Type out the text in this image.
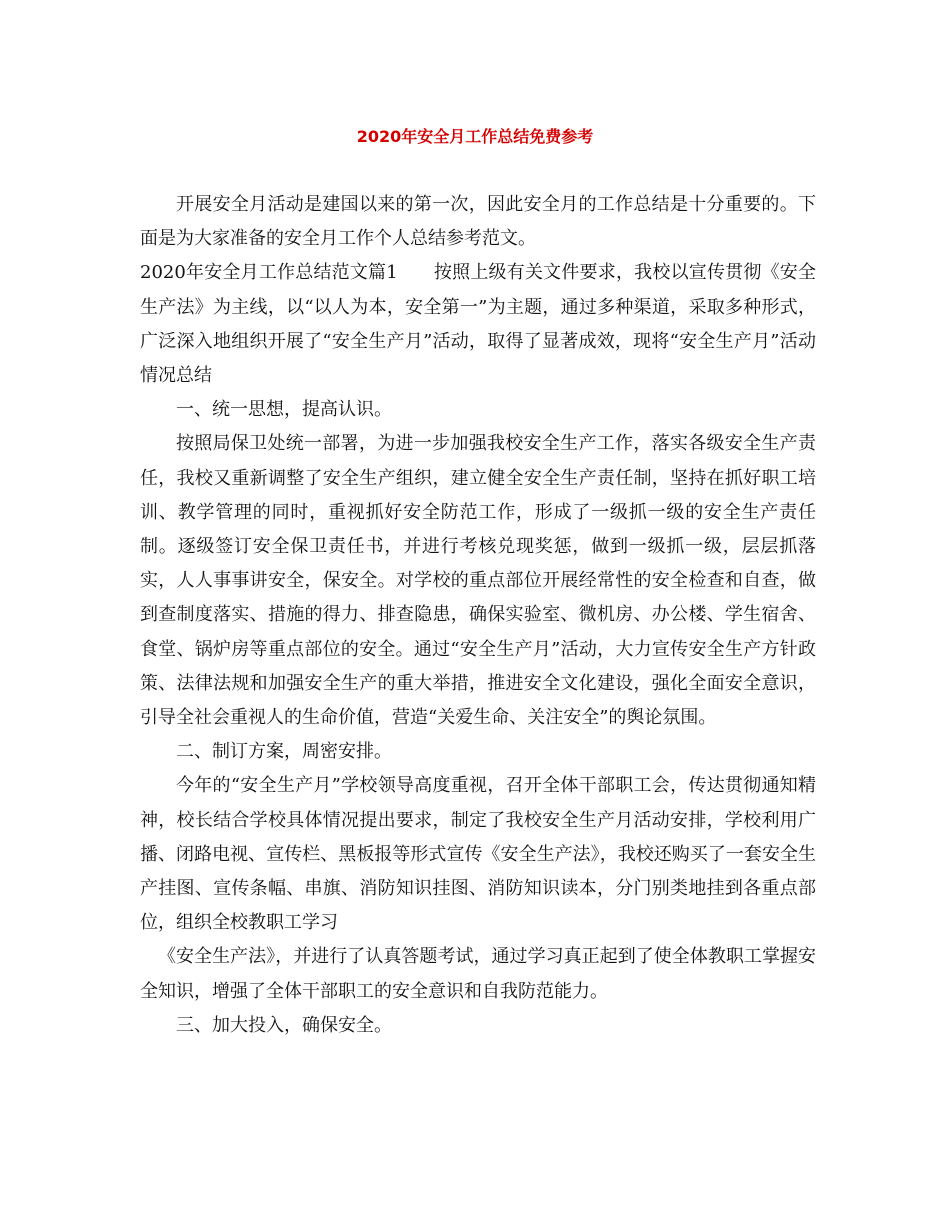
2020年安全月工作总结免费参考

开展安全月活动是建国以来的第一次，因此安全月的工作总结是十分重要的。下面是为大家准备的安全月工作个人总结参考范文。

2020年安全月工作总结范文篇1 按照上级有关文件要求，我校以宣传贯彻《安全生产法》为主线，以“以人为本，安全第一”为主题，通过多种渠道，采取多种形式，广泛深入地组织开展了“安全生产月”活动，取得了显著成效，现将“安全生产月”活动情况总结

一、统一思想，提高认识。

按照局保卫处统一部署，为进一步加强我校安全生产工作，落实各级安全生产责任，我校又重新调整了安全生产组织，建立健全安全生产责任制，坚持在抓好职工培训、教学管理的同时，重视抓好安全防范工作，形成了一级抓一级的安全生产责任制。逐级签订安全保卫责任书，并进行考核兑现奖惩，做到一级抓一级，层层抓落实，人人事事讲安全，保安全。对学校的重点部位开展经常性的安全检查和自查，做到查制度落实、措施的得力、排查隐患，确保实验室、微机房、办公楼、学生宿舍、食堂、锅炉房等重点部位的安全。通过“安全生产月”活动，大力宣传安全生产方针政策、法律法规和加强安全生产的重大举措，推进安全文化建设，强化全面安全意识，引导全社会重视人的生命价值，营造“关爱生命、关注安全”的舆论氛围。

二、制订方案，周密安排。

今年的“安全生产月”学校领导高度重视，召开全体干部职工会，传达贯彻通知精神，校长结合学校具体情况提出要求，制定了我校安全生产月活动安排，学校利用广播、闭路电视、宣传栏、黑板报等形式宣传《安全生产法》，我校还购买了一套安全生产挂图、宣传条幅、串旗、消防知识挂图、消防知识读本，分门别类地挂到各重点部位，组织全校教职工学习

《安全生产法》，并进行了认真答题考试，通过学习真正起到了使全体教职工掌握安全知识，增强了全体干部职工的安全意识和自我防范能力。

三、加大投入，确保安全。
